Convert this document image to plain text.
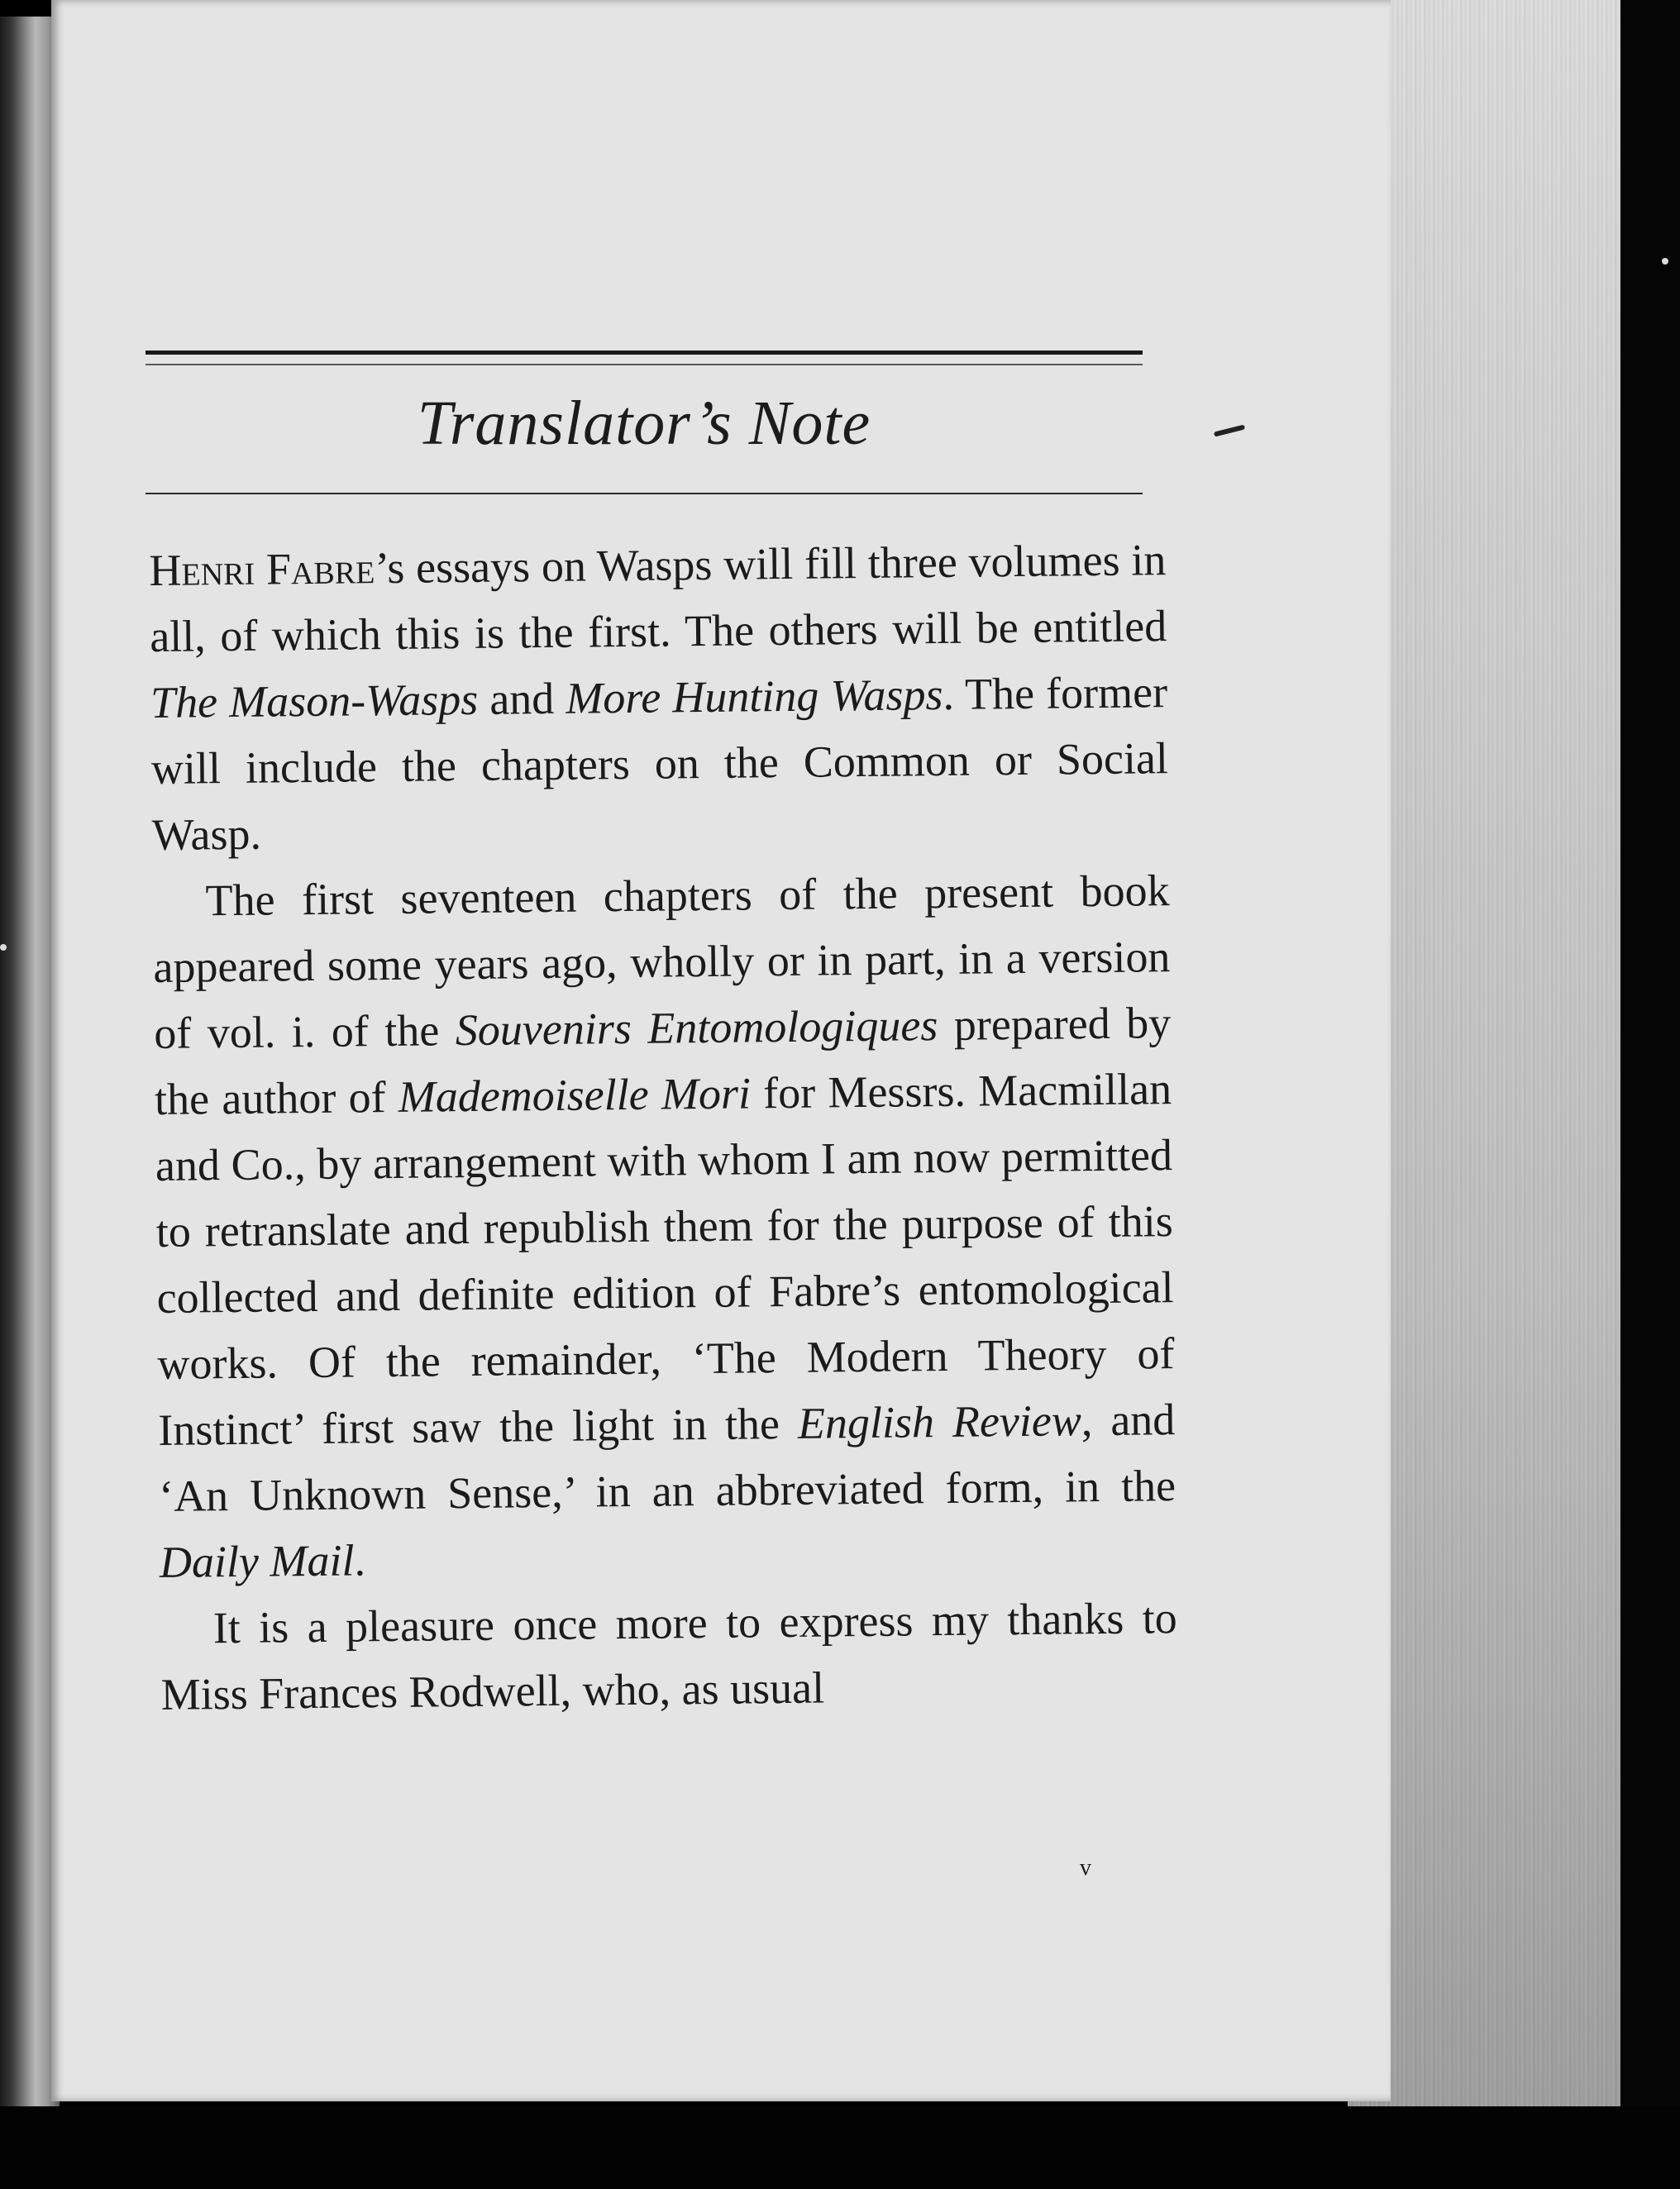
Translator’s Note

Henri Fabre’s essays on Wasps will fill three volumes in all, of which this is the first. The others will be entitled The Mason-Wasps and More Hunting Wasps. The former will include the chapters on the Common or Social Wasp.

The first seventeen chapters of the present book appeared some years ago, wholly or in part, in a version of vol. i. of the Souvenirs Entomologiques prepared by the author of Mademoiselle Mori for Messrs. Macmillan and Co., by arrangement with whom I am now permitted to retranslate and republish them for the purpose of this collected and definite edition of Fabre’s entomological works. Of the remainder, ‘The Modern Theory of Instinct’ first saw the light in the English Review, and ‘An Unknown Sense,’ in an abbreviated form, in the Daily Mail.

It is a pleasure once more to express my thanks to Miss Frances Rodwell, who, as usual

v
